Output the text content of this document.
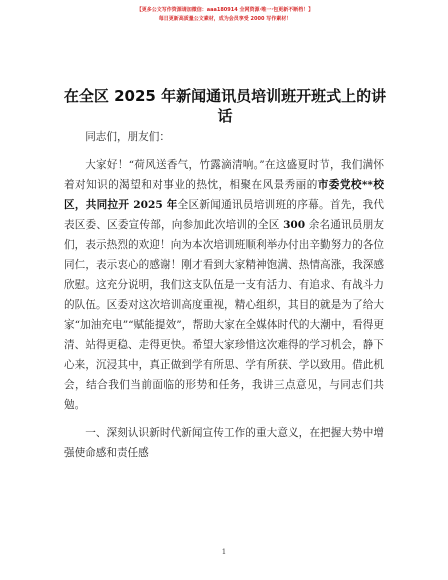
【更多公文写作资源请加微信：aaa180914 全网资源·唯一·包更新不断档！】
每日更新高质量公文素材，成为会员享受 2000 写作素材！
在全区 2025 年新闻通讯员培训班开班式上的讲
话

同志们，朋友们：

大家好！“荷风送香气，竹露滴清响。”在这盛夏时节，我们满怀着对知识的渴望和对事业的热忱，相聚在风景秀丽的市委党校**校区，共同拉开 2025 年全区新闻通讯员培训班的序幕。首先，我代表区委、区委宣传部，向参加此次培训的全区 300 余名通讯员朋友们，表示热烈的欢迎！向为本次培训班顺利举办付出辛勤努力的各位同仁，表示衷心的感谢！刚才看到大家精神饱满、热情高涨，我深感欣慰。这充分说明，我们这支队伍是一支有活力、有追求、有战斗力的队伍。区委对这次培训高度重视，精心组织，其目的就是为了给大家“加油充电”“赋能提效”，帮助大家在全媒体时代的大潮中，看得更清、站得更稳、走得更快。希望大家珍惜这次难得的学习机会，静下心来，沉浸其中，真正做到学有所思、学有所获、学以致用。借此机会，结合我们当前面临的形势和任务，我讲三点意见，与同志们共勉。

一、深刻认识新时代新闻宣传工作的重大意义，在把握大势中增强使命感和责任感

1
